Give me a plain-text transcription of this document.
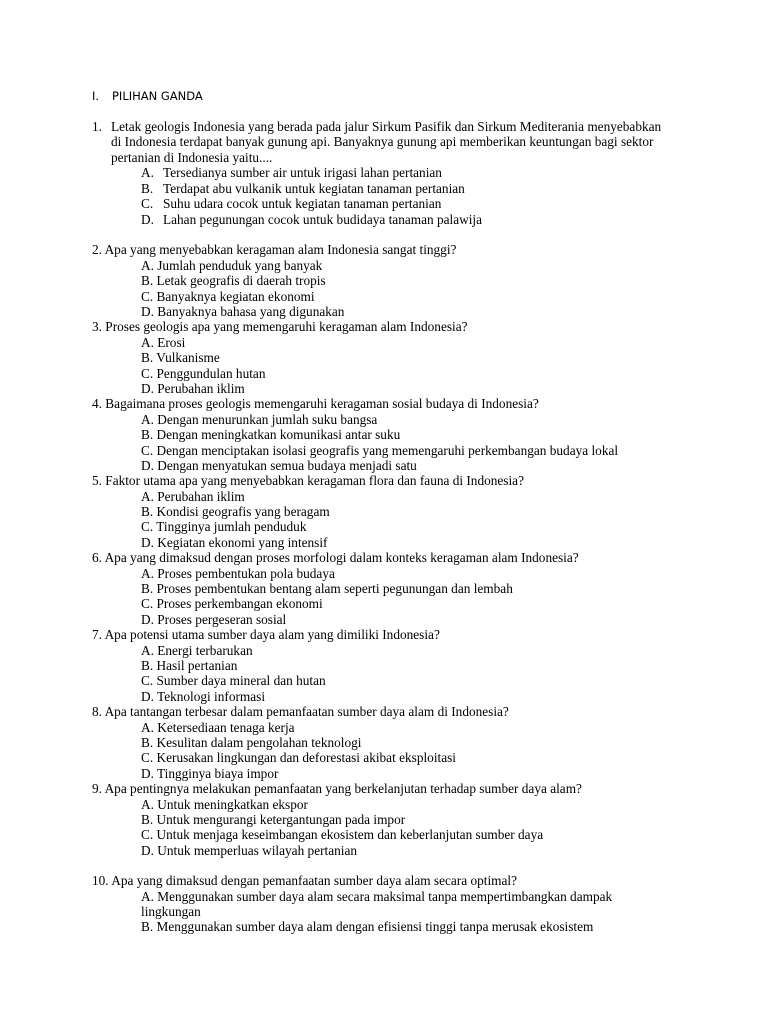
I. PILIHAN GANDA
1. Letak geologis Indonesia yang berada pada jalur Sirkum Pasifik dan Sirkum Mediterania menyebabkan di Indonesia terdapat banyak gunung api. Banyaknya gunung api memberikan keuntungan bagi sektor pertanian di Indonesia yaitu....
A. Tersedianya sumber air untuk irigasi lahan pertanian
B. Terdapat abu vulkanik untuk kegiatan tanaman pertanian
C. Suhu udara cocok untuk kegiatan tanaman pertanian
D. Lahan pegunungan cocok untuk budidaya tanaman palawija
2. Apa yang menyebabkan keragaman alam Indonesia sangat tinggi?
A. Jumlah penduduk yang banyak
B. Letak geografis di daerah tropis
C. Banyaknya kegiatan ekonomi
D. Banyaknya bahasa yang digunakan
3. Proses geologis apa yang memengaruhi keragaman alam Indonesia?
A. Erosi
B. Vulkanisme
C. Penggundulan hutan
D. Perubahan iklim
4. Bagaimana proses geologis memengaruhi keragaman sosial budaya di Indonesia?
A. Dengan menurunkan jumlah suku bangsa
B. Dengan meningkatkan komunikasi antar suku
C. Dengan menciptakan isolasi geografis yang memengaruhi perkembangan budaya lokal
D. Dengan menyatukan semua budaya menjadi satu
5. Faktor utama apa yang menyebabkan keragaman flora dan fauna di Indonesia?
A. Perubahan iklim
B. Kondisi geografis yang beragam
C. Tingginya jumlah penduduk
D. Kegiatan ekonomi yang intensif
6. Apa yang dimaksud dengan proses morfologi dalam konteks keragaman alam Indonesia?
A. Proses pembentukan pola budaya
B. Proses pembentukan bentang alam seperti pegunungan dan lembah
C. Proses perkembangan ekonomi
D. Proses pergeseran sosial
7. Apa potensi utama sumber daya alam yang dimiliki Indonesia?
A. Energi terbarukan
B. Hasil pertanian
C. Sumber daya mineral dan hutan
D. Teknologi informasi
8. Apa tantangan terbesar dalam pemanfaatan sumber daya alam di Indonesia?
A. Ketersediaan tenaga kerja
B. Kesulitan dalam pengolahan teknologi
C. Kerusakan lingkungan dan deforestasi akibat eksploitasi
D. Tingginya biaya impor
9. Apa pentingnya melakukan pemanfaatan yang berkelanjutan terhadap sumber daya alam?
A. Untuk meningkatkan ekspor
B. Untuk mengurangi ketergantungan pada impor
C. Untuk menjaga keseimbangan ekosistem dan keberlanjutan sumber daya
D. Untuk memperluas wilayah pertanian
10. Apa yang dimaksud dengan pemanfaatan sumber daya alam secara optimal?
A. Menggunakan sumber daya alam secara maksimal tanpa mempertimbangkan dampak lingkungan
B. Menggunakan sumber daya alam dengan efisiensi tinggi tanpa merusak ekosistem
